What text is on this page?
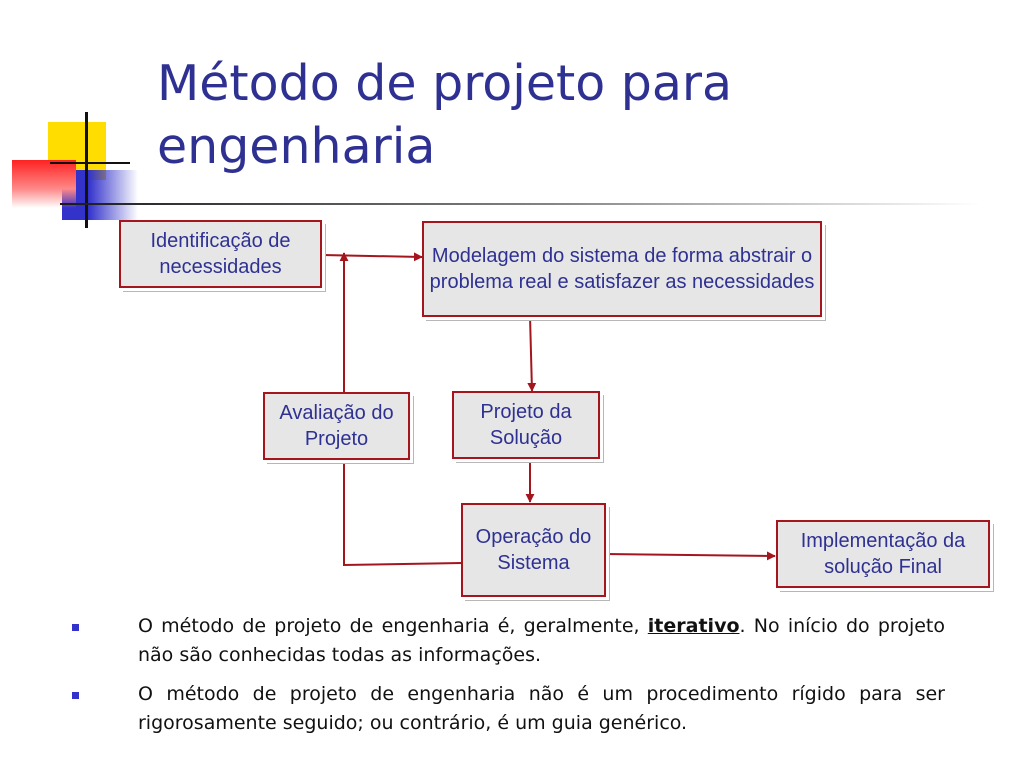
Método de projeto para engenharia
Identificação de necessidades	Modelagem do sistema de forma abstrair o problema real e satisfazer as necessidades
Avaliação do Projeto
Projeto da Solução
Operação do Sistema
Implementação da solução Final
O método de projeto de engenharia é, geralmente, iterativo. No início do projeto não são conhecidas todas as informações.
O método de projeto de engenharia não é um procedimento rígido para ser rigorosamente seguido; ou contrário, é um guia genérico.
